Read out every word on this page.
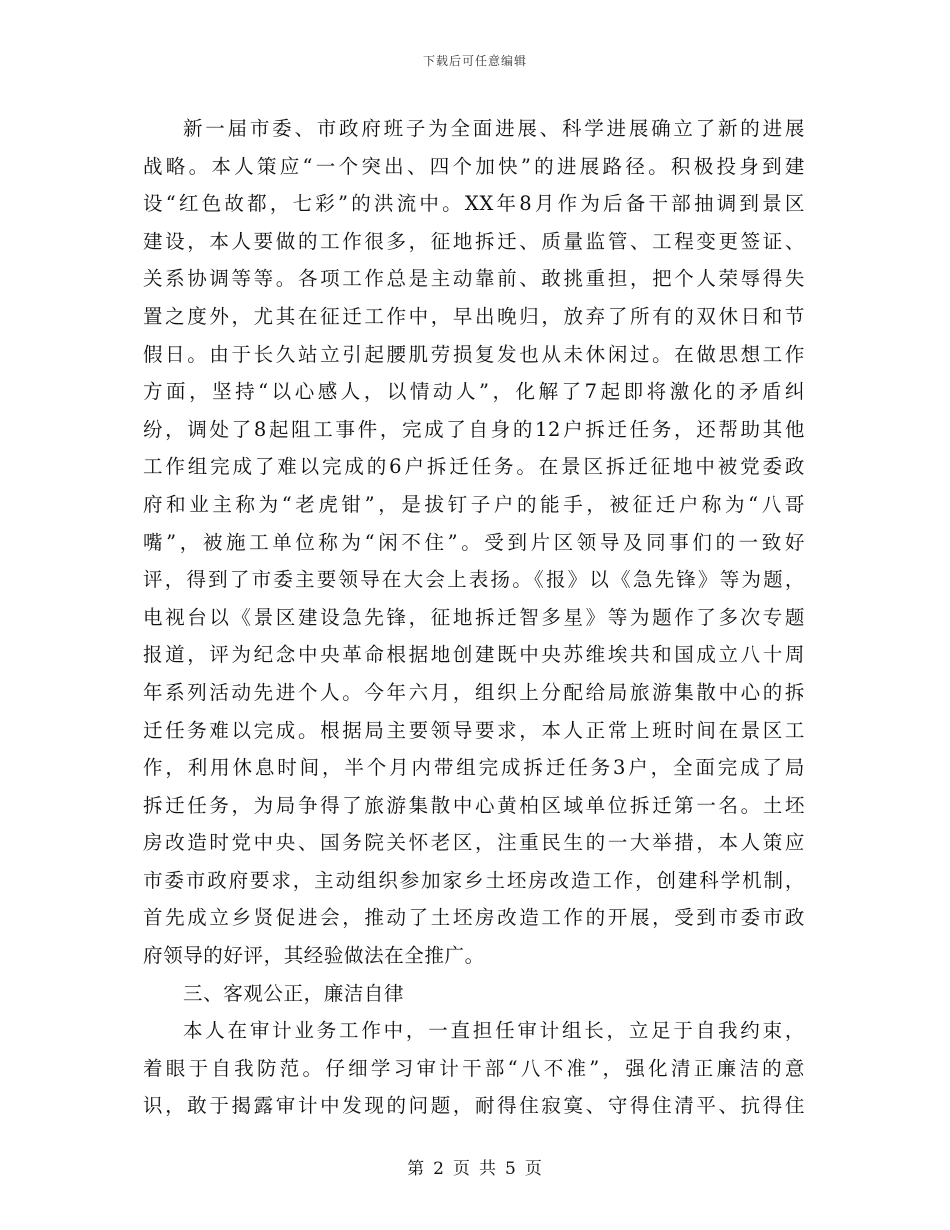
下载后可任意编辑
新一届市委、市政府班子为全面进展、科学进展确立了新的进展
战略。本人策应“一个突出、四个加快”的进展路径。积极投身到建
设“红色故都，七彩”的洪流中。XX年8月作为后备干部抽调到景区
建设，本人要做的工作很多，征地拆迁、质量监管、工程变更签证、
关系协调等等。各项工作总是主动靠前、敢挑重担，把个人荣辱得失
置之度外，尤其在征迁工作中，早出晚归，放弃了所有的双休日和节
假日。由于长久站立引起腰肌劳损复发也从未休闲过。在做思想工作
方面，坚持“以心感人，以情动人”，化解了7起即将激化的矛盾纠
纷，调处了8起阻工事件，完成了自身的12户拆迁任务，还帮助其他
工作组完成了难以完成的6户拆迁任务。在景区拆迁征地中被党委政
府和业主称为“老虎钳”，是拔钉子户的能手，被征迁户称为“八哥
嘴”，被施工单位称为“闲不住”。受到片区领导及同事们的一致好
评，得到了市委主要领导在大会上表扬。《报》以《急先锋》等为题，
电视台以《景区建设急先锋，征地拆迁智多星》等为题作了多次专题
报道，评为纪念中央革命根据地创建既中央苏维埃共和国成立八十周
年系列活动先进个人。今年六月，组织上分配给局旅游集散中心的拆
迁任务难以完成。根据局主要领导要求，本人正常上班时间在景区工
作，利用休息时间，半个月内带组完成拆迁任务3户，全面完成了局
拆迁任务，为局争得了旅游集散中心黄柏区域单位拆迁第一名。土坯
房改造时党中央、国务院关怀老区，注重民生的一大举措，本人策应
市委市政府要求，主动组织参加家乡土坯房改造工作，创建科学机制，
首先成立乡贤促进会，推动了土坯房改造工作的开展，受到市委市政
府领导的好评，其经验做法在全推广。
三、客观公正，廉洁自律
本人在审计业务工作中，一直担任审计组长，立足于自我约束，
着眼于自我防范。仔细学习审计干部“八不准”，强化清正廉洁的意
识，敢于揭露审计中发现的问题，耐得住寂寞、守得住清平、抗得住
第 2 页 共 5 页
